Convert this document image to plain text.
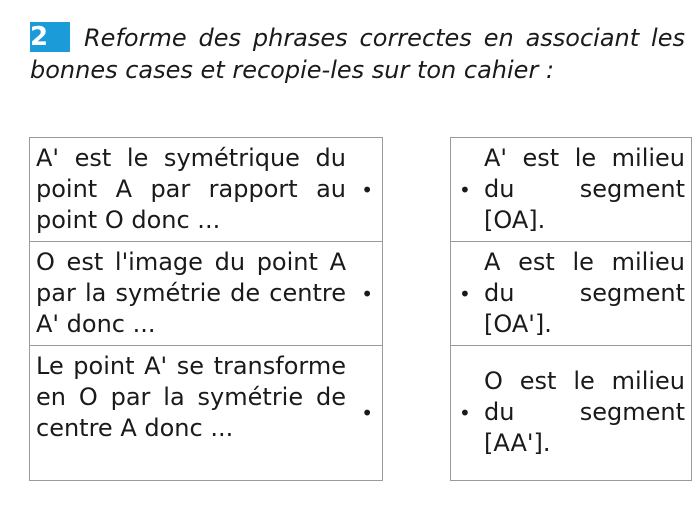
2 Reforme des phrases correctes en associant les bonnes cases et recopie-les sur ton cahier :

A' est le symétrique du point A par rapport au point O donc ...
•
O est l'image du point A par la symétrie de centre A' donc ...
•
Le point A' se transforme en O par la symétrie de centre A donc ...
•
•
A' est le milieu du segment [OA].
•
A est le milieu du segment [OA'].
•
O est le milieu du segment [AA'].
